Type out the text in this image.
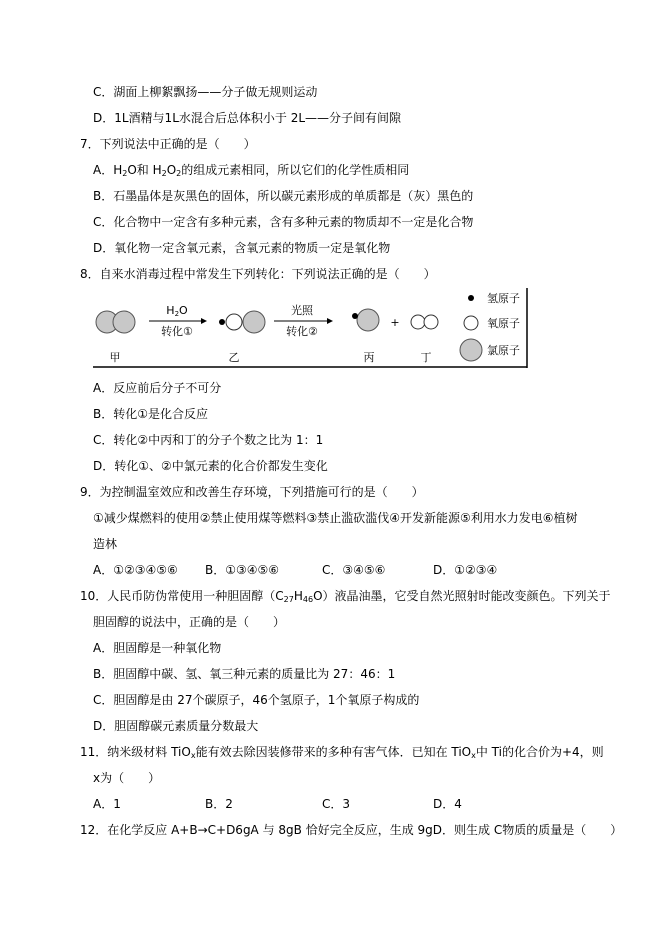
C．湖面上柳絮飘扬——分子做无规则运动
D．1L酒精与1L水混合后总体积小于 2L——分子间有间隙
7．下列说法中正确的是（　　）
A．$H_2O$和 $H_2O_2$的组成元素相同，所以它们的化学性质相同
B．石墨晶体是灰黑色的固体，所以碳元素形成的单质都是（灰）黑色的
C．化合物中一定含有多种元素，含有多种元素的物质却不一定是化合物
D．氧化物一定含氧元素，含氧元素的物质一定是氧化物
8．自来水消毒过程中常发生下列转化：下列说法正确的是（　　）
甲
H2O
转化①
乙
光照
转化②
丙
+
丁
氢原子
氧原子
氯原子
A．反应前后分子不可分
B．转化①是化合反应
C．转化②中丙和丁的分子个数之比为 1：1
D．转化①、②中氯元素的化合价都发生变化
9．为控制温室效应和改善生存环境，下列措施可行的是（　　）
①减少煤燃料的使用②禁止使用煤等燃料③禁止滥砍滥伐④开发新能源⑤利用水力发电⑥植树
造林
A．①②③④⑤⑥ B．①③④⑤⑥	C．③④⑤⑥	D．①②③④
10．人民币防伪常使用一种胆固醇$(C_{27}H_{46}O)$液晶油墨，它受自然光照射时能改变颜色。下列关于
胆固醇的说法中，正确的是（　　）
A．胆固醇是一种氧化物
B．胆固醇中碳、氢、氧三种元素的质量比为 27：46：1
C．胆固醇是由 27个碳原子，46个氢原子，1个氧原子构成的
D．胆固醇碳元素质量分数最大
11．纳米级材料 TiO$_x$能有效去除因装修带来的多种有害气体．已知在 TiO$_x$中 Ti的化合价为+4，则
x为（　　）
A．1	B．2	C．3	D．4
12．在化学反应 A+B→C+D6gA 与 8gB 恰好完全反应，生成 9gD．则生成 C物质的质量是（　　）
